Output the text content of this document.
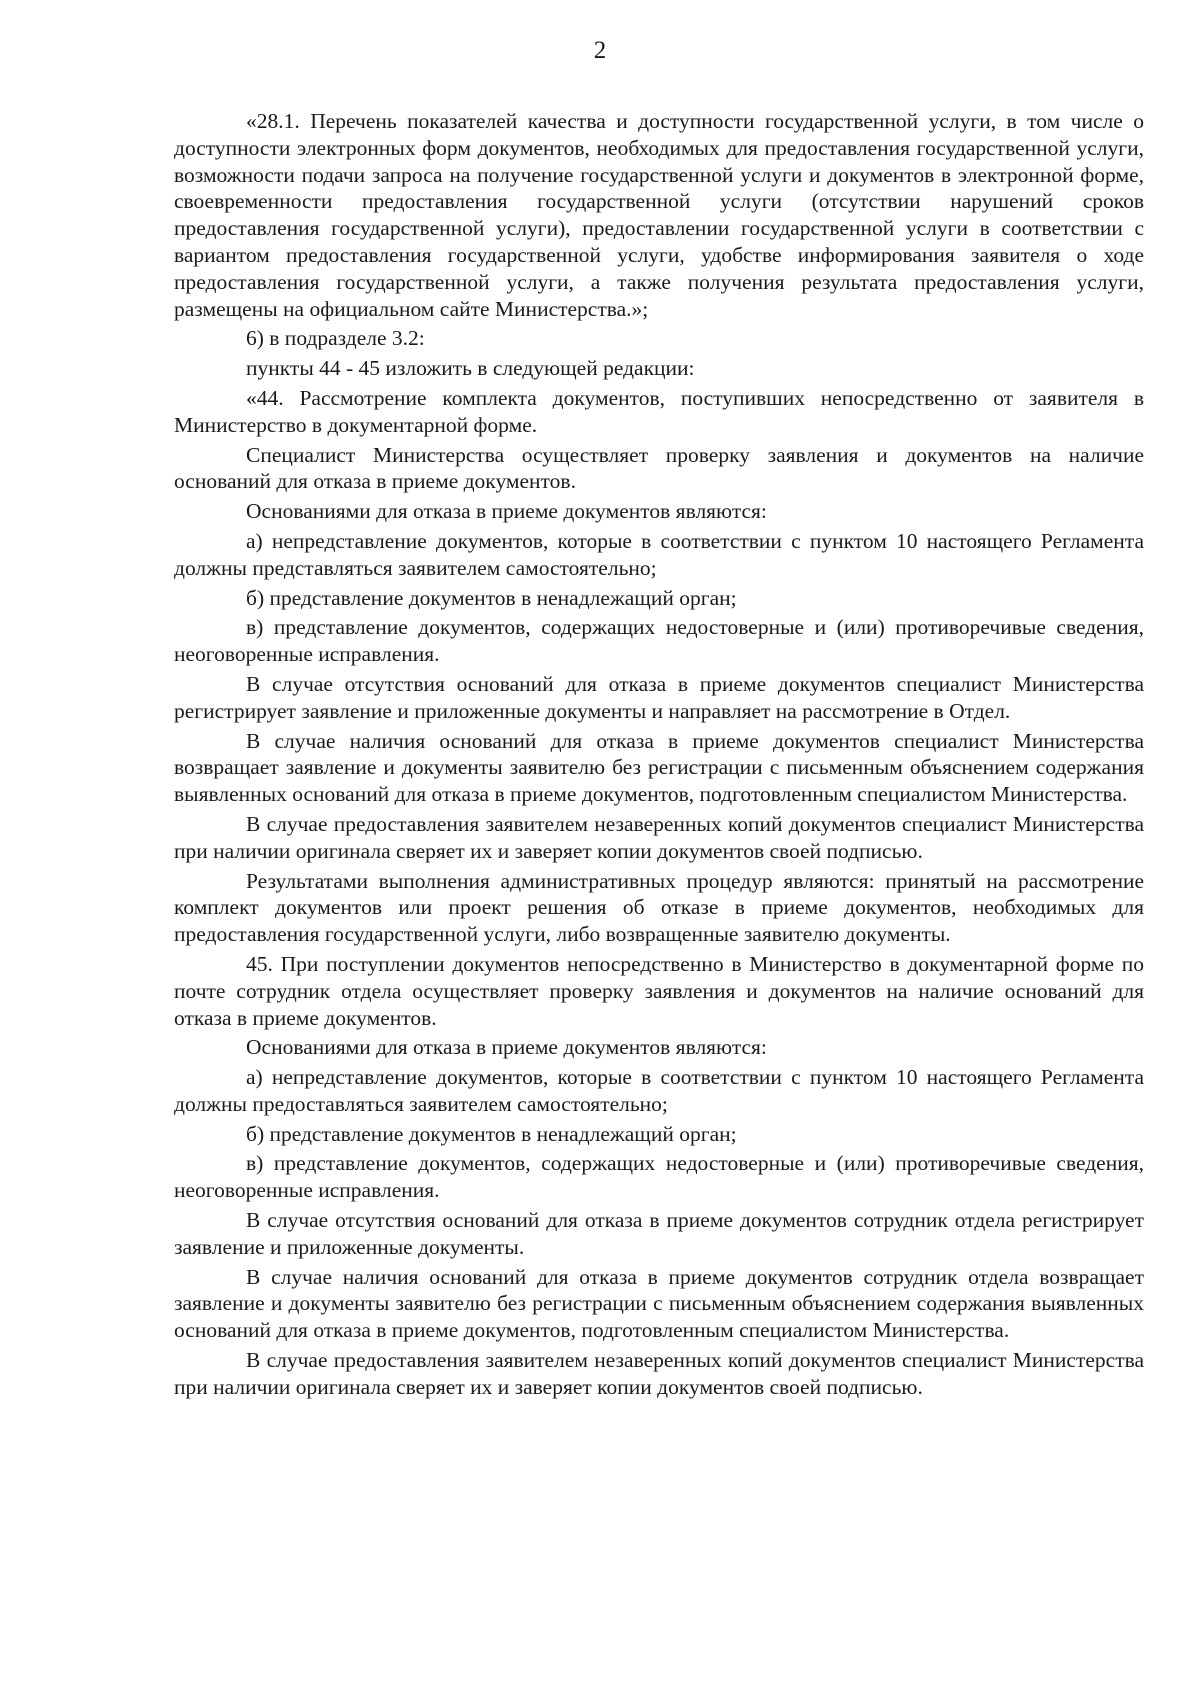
2

«28.1. Перечень показателей качества и доступности государственной услуги, в том числе о доступности электронных форм документов, необходимых для предоставления государственной услуги, возможности подачи запроса на получение государственной услуги и документов в электронной форме, своевременности предоставления государственной услуги (отсутствии нарушений сроков предоставления государственной услуги), предоставлении государственной услуги в соответствии с вариантом предоставления государственной услуги, удобстве информирования заявителя о ходе предоставления государственной услуги, а также получения результата предоставления услуги, размещены на официальном сайте Министерства.»;

6) в подразделе 3.2:

пункты 44 - 45 изложить в следующей редакции:

«44. Рассмотрение комплекта документов, поступивших непосредственно от заявителя в Министерство в документарной форме.

Специалист Министерства осуществляет проверку заявления и документов на наличие оснований для отказа в приеме документов.

Основаниями для отказа в приеме документов являются:

а) непредставление документов, которые в соответствии с пунктом 10 настоящего Регламента должны представляться заявителем самостоятельно;

б) представление документов в ненадлежащий орган;

в) представление документов, содержащих недостоверные и (или) противоречивые сведения, неоговоренные исправления.

В случае отсутствия оснований для отказа в приеме документов специалист Министерства регистрирует заявление и приложенные документы и направляет на рассмотрение в Отдел.

В случае наличия оснований для отказа в приеме документов специалист Министерства возвращает заявление и документы заявителю без регистрации с письменным объяснением содержания выявленных оснований для отказа в приеме документов, подготовленным специалистом Министерства.

В случае предоставления заявителем незаверенных копий документов специалист Министерства при наличии оригинала сверяет их и заверяет копии документов своей подписью.

Результатами выполнения административных процедур являются: принятый на рассмотрение комплект документов или проект решения об отказе в приеме документов, необходимых для предоставления государственной услуги, либо возвращенные заявителю документы.

45. При поступлении документов непосредственно в Министерство в документарной форме по почте сотрудник отдела осуществляет проверку заявления и документов на наличие оснований для отказа в приеме документов.

Основаниями для отказа в приеме документов являются:

а) непредставление документов, которые в соответствии с пунктом 10 настоящего Регламента должны предоставляться заявителем самостоятельно;

б) представление документов в ненадлежащий орган;

в) представление документов, содержащих недостоверные и (или) противоречивые сведения, неоговоренные исправления.

В случае отсутствия оснований для отказа в приеме документов сотрудник отдела регистрирует заявление и приложенные документы.

В случае наличия оснований для отказа в приеме документов сотрудник отдела возвращает заявление и документы заявителю без регистрации с письменным объяснением содержания выявленных оснований для отказа в приеме документов, подготовленным специалистом Министерства.

В случае предоставления заявителем незаверенных копий документов специалист Министерства при наличии оригинала сверяет их и заверяет копии документов своей подписью.
